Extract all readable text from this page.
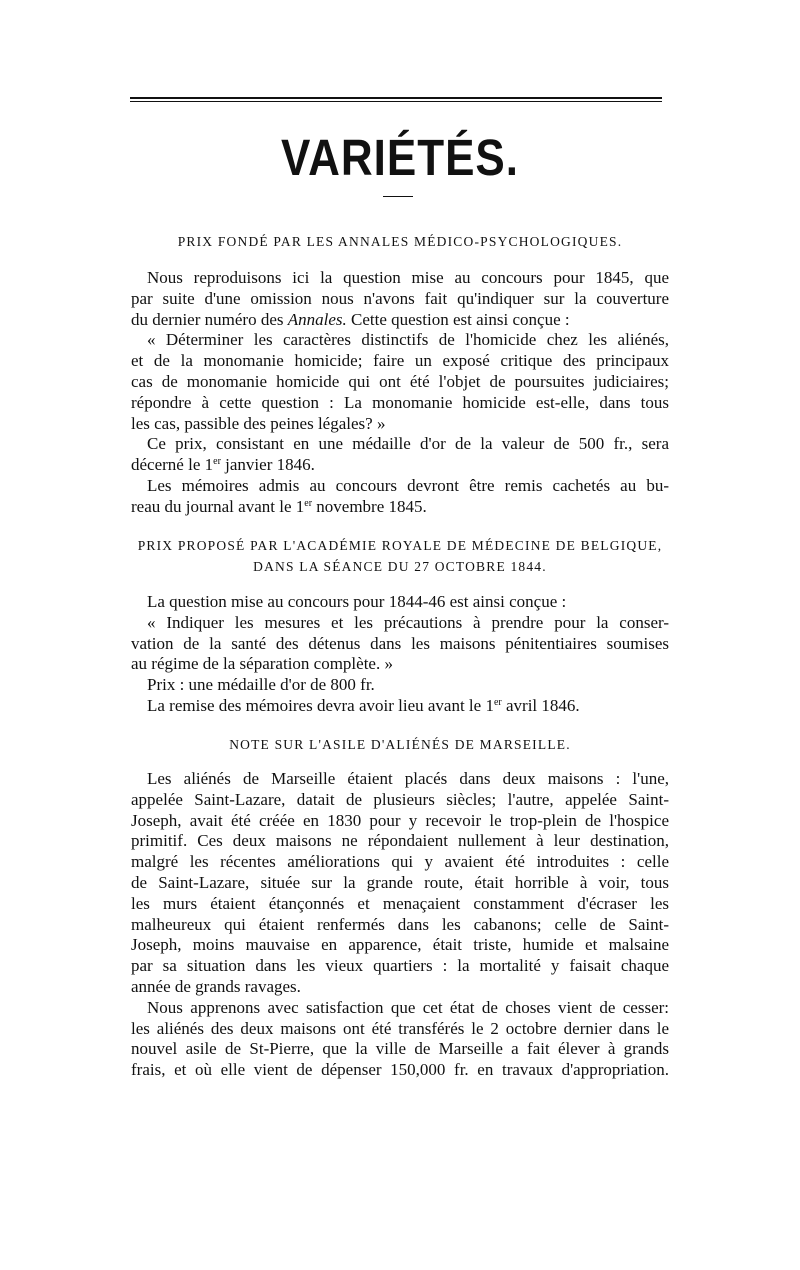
VARIÉTÉS.
PRIX FONDÉ PAR LES ANNALES MÉDICO-PSYCHOLOGIQUES.
Nous reproduisons ici la question mise au concours pour 1845, que
par suite d'une omission nous n'avons fait qu'indiquer sur la couverture
du dernier numéro des Annales. Cette question est ainsi conçue :
« Déterminer les caractères distinctifs de l'homicide chez les aliénés,
et de la monomanie homicide; faire un exposé critique des principaux
cas de monomanie homicide qui ont été l'objet de poursuites judiciaires;
répondre à cette question : La monomanie homicide est-elle, dans tous
les cas, passible des peines légales? »
Ce prix, consistant en une médaille d'or de la valeur de 500 fr., sera
décerné le 1er janvier 1846.
Les mémoires admis au concours devront être remis cachetés au bu-
reau du journal avant le 1er novembre 1845.
PRIX PROPOSÉ PAR L'ACADÉMIE ROYALE DE MÉDECINE DE BELGIQUE,
DANS LA SÉANCE DU 27 OCTOBRE 1844.
La question mise au concours pour 1844-46 est ainsi conçue :
« Indiquer les mesures et les précautions à prendre pour la conser-
vation de la santé des détenus dans les maisons pénitentiaires soumises
au régime de la séparation complète. »
Prix : une médaille d'or de 800 fr.
La remise des mémoires devra avoir lieu avant le 1er avril 1846.
NOTE SUR L'ASILE D'ALIÉNÉS DE MARSEILLE.
Les aliénés de Marseille étaient placés dans deux maisons : l'une,
appelée Saint-Lazare, datait de plusieurs siècles; l'autre, appelée Saint-
Joseph, avait été créée en 1830 pour y recevoir le trop-plein de l'hospice
primitif. Ces deux maisons ne répondaient nullement à leur destination,
malgré les récentes améliorations qui y avaient été introduites : celle
de Saint-Lazare, située sur la grande route, était horrible à voir, tous
les murs étaient étançonnés et menaçaient constamment d'écraser les
malheureux qui étaient renfermés dans les cabanons; celle de Saint-
Joseph, moins mauvaise en apparence, était triste, humide et malsaine
par sa situation dans les vieux quartiers : la mortalité y faisait chaque
année de grands ravages.
Nous apprenons avec satisfaction que cet état de choses vient de cesser:
les aliénés des deux maisons ont été transférés le 2 octobre dernier dans le
nouvel asile de St-Pierre, que la ville de Marseille a fait élever à grands
frais, et où elle vient de dépenser 150,000 fr. en travaux d'appropriation.
